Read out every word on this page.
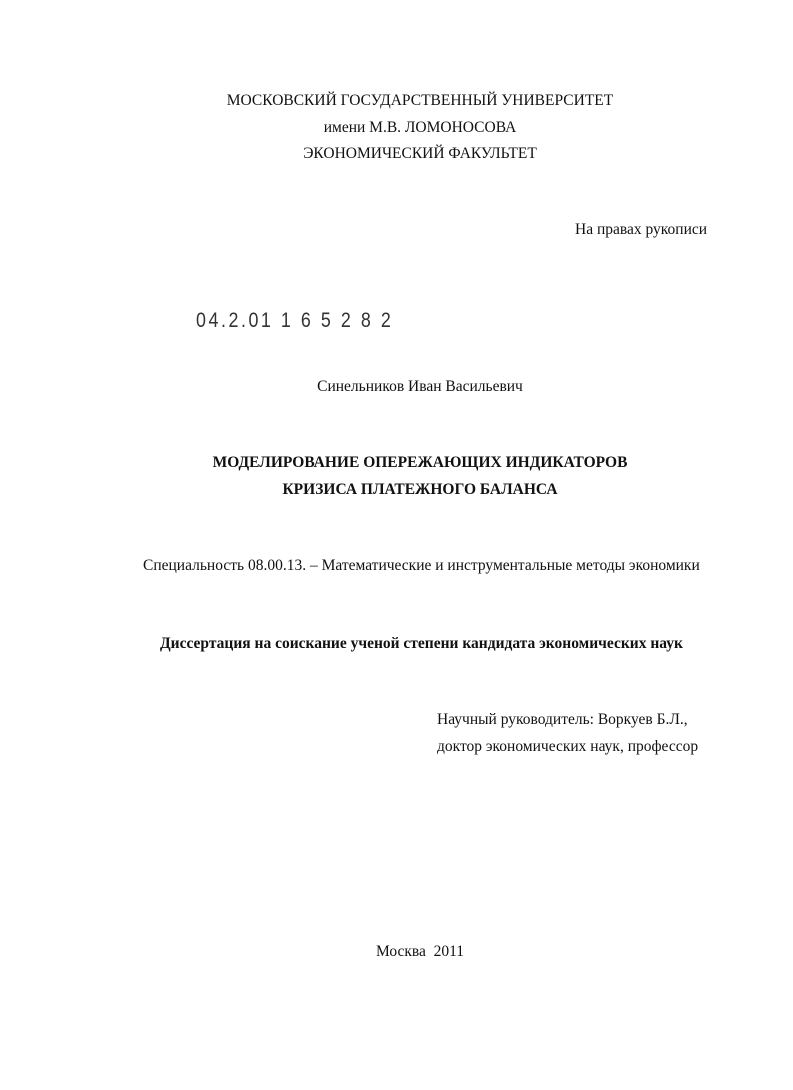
МОСКОВСКИЙ ГОСУДАРСТВЕННЫЙ УНИВЕРСИТЕТ
имени М.В. ЛОМОНОСОВА
ЭКОНОМИЧЕСКИЙ ФАКУЛЬТЕТ
На правах рукописи
04.2.01 1 6 5 2 8 2
Синельников Иван Васильевич
МОДЕЛИРОВАНИЕ ОПЕРЕЖАЮЩИХ ИНДИКАТОРОВ
КРИЗИСА ПЛАТЕЖНОГО БАЛАНСА
Специальность 08.00.13. – Математические и инструментальные методы экономики
Диссертация на соискание ученой степени кандидата экономических наук
Научный руководитель: Воркуев Б.Л.,
доктор экономических наук, профессор
Москва  2011
